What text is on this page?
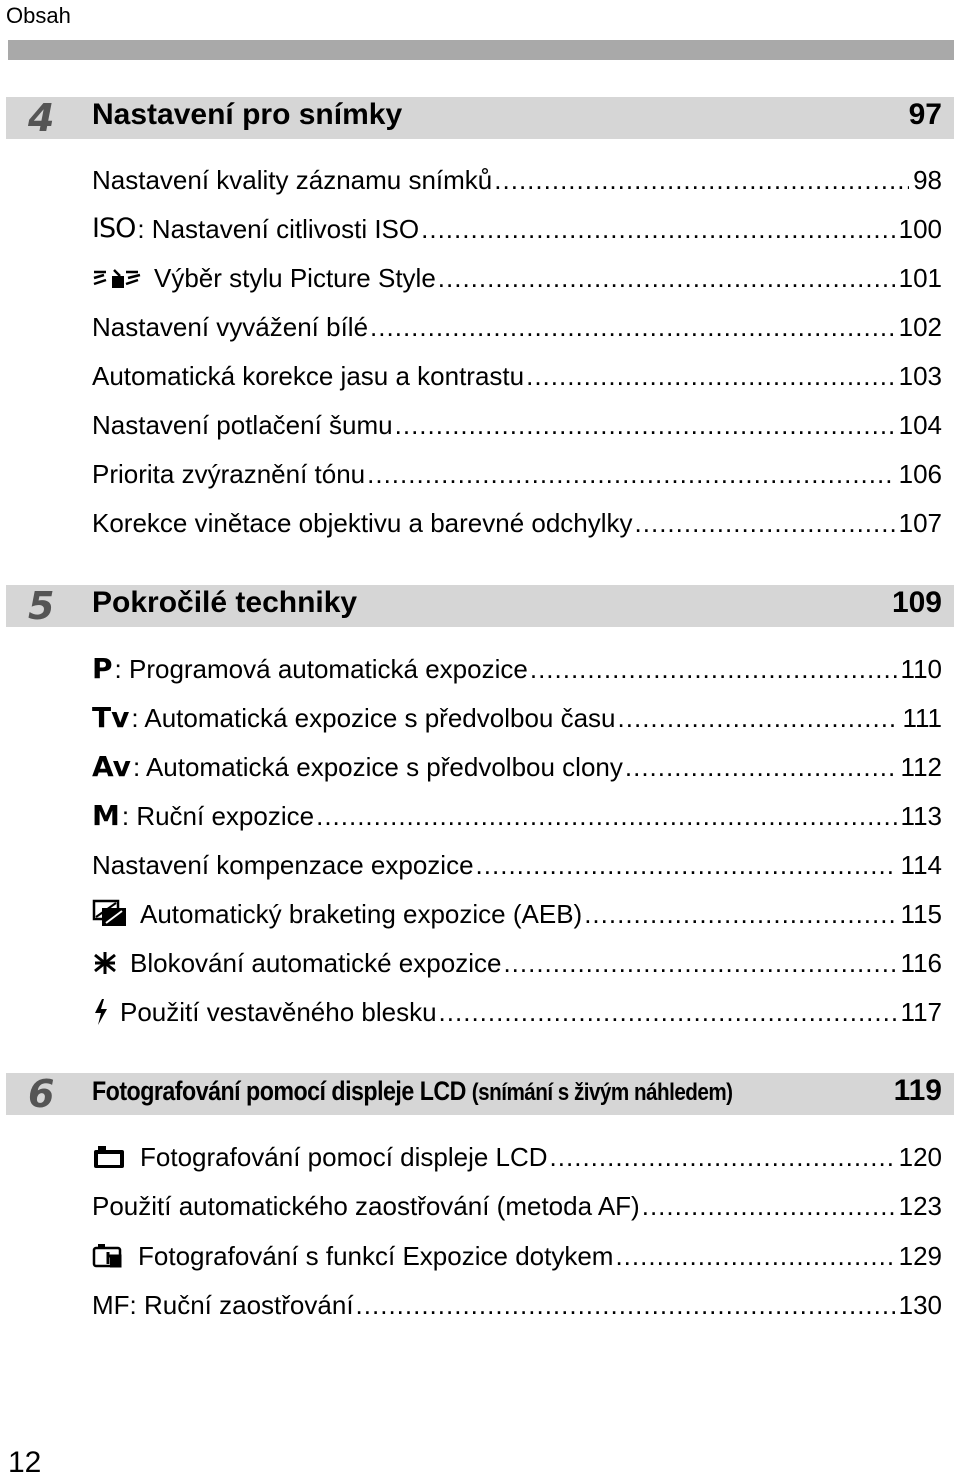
Obsah
4 Nastavení pro snímky	97
Nastavení kvality záznamu snímků .....	98
ISO : Nastavení citlivosti ISO .....	100
Výběr stylu Picture Style .....	101
Nastavení vyvážení bílé .....	102
Automatická korekce jasu a kontrastu .....	103
Nastavení potlačení šumu .....	104
Priorita zvýraznění tónu .....	106
Korekce vinětace objektivu a barevné odchylky .....	107
5 Pokročilé techniky	109
P : Programová automatická expozice .....	110
Tv : Automatická expozice s předvolbou času .....	111
Av : Automatická expozice s předvolbou clony .....	112
M : Ruční expozice .....	113
Nastavení kompenzace expozice .....	114
Automatický braketing expozice (AEB) .....	115
Blokování automatické expozice .....	116
Použití vestavěného blesku .....	117
6 Fotografování pomocí displeje LCD (snímání s živým náhledem)	119
Fotografování pomocí displeje LCD .....	120
Použití automatického zaostřování (metoda AF) .....	123
Fotografování s funkcí Expozice dotykem .....	129
MF: Ruční zaostřování .....	130
12
